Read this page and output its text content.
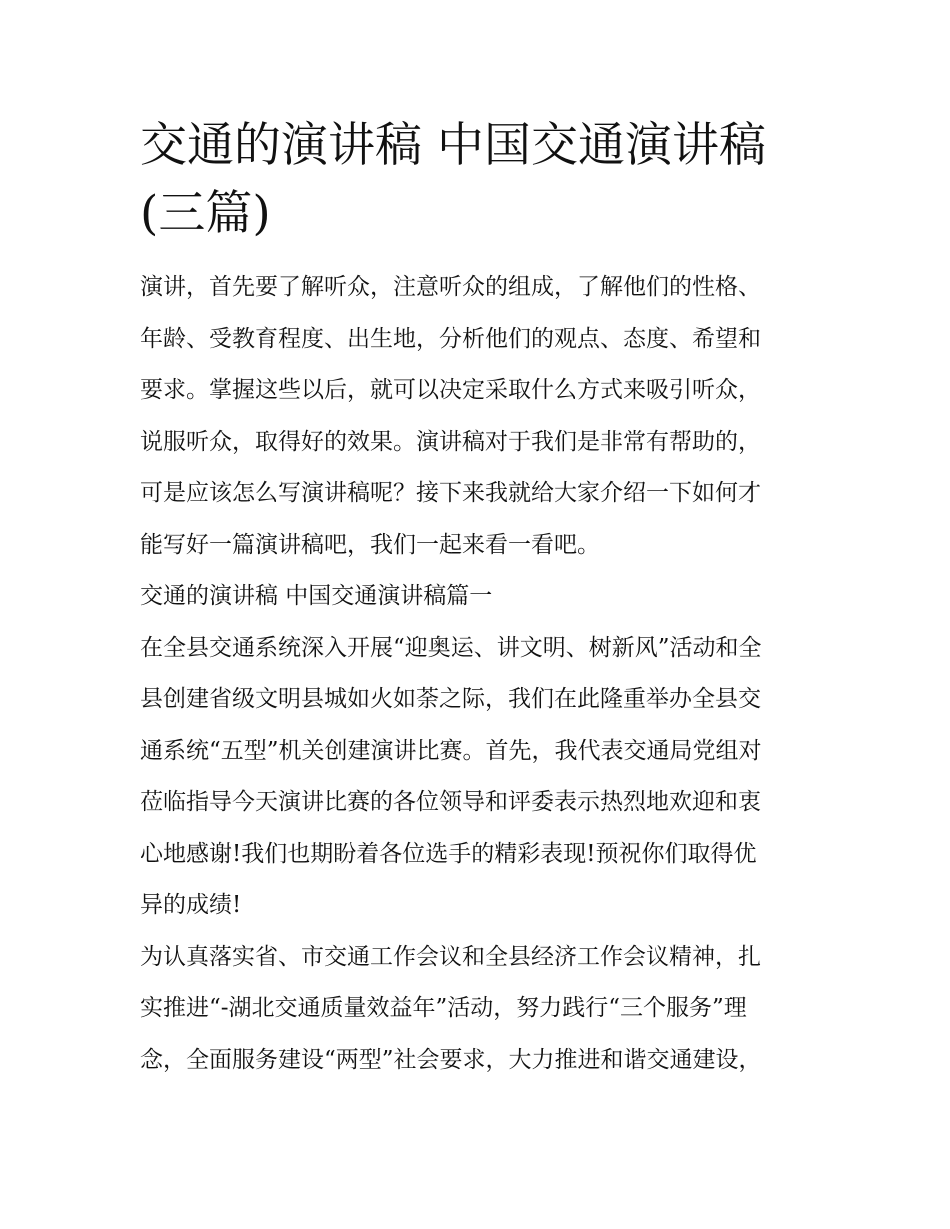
交通的演讲稿 中国交通演讲稿
(三篇)

演讲，首先要了解听众，注意听众的组成，了解他们的性格、
年龄、受教育程度、出生地，分析他们的观点、态度、希望和
要求。掌握这些以后，就可以决定采取什么方式来吸引听众，
说服听众，取得好的效果。演讲稿对于我们是非常有帮助的，
可是应该怎么写演讲稿呢？接下来我就给大家介绍一下如何才
能写好一篇演讲稿吧，我们一起来看一看吧。

交通的演讲稿 中国交通演讲稿篇一

在全县交通系统深入开展“迎奥运、讲文明、树新风”活动和全
县创建省级文明县城如火如荼之际，我们在此隆重举办全县交
通系统“五型”机关创建演讲比赛。首先，我代表交通局党组对
莅临指导今天演讲比赛的各位领导和评委表示热烈地欢迎和衷
心地感谢!我们也期盼着各位选手的精彩表现!预祝你们取得优
异的成绩!

为认真落实省、市交通工作会议和全县经济工作会议精神，扎
实推进“-湖北交通质量效益年”活动，努力践行“三个服务”理
念，全面服务建设“两型”社会要求，大力推进和谐交通建设，
